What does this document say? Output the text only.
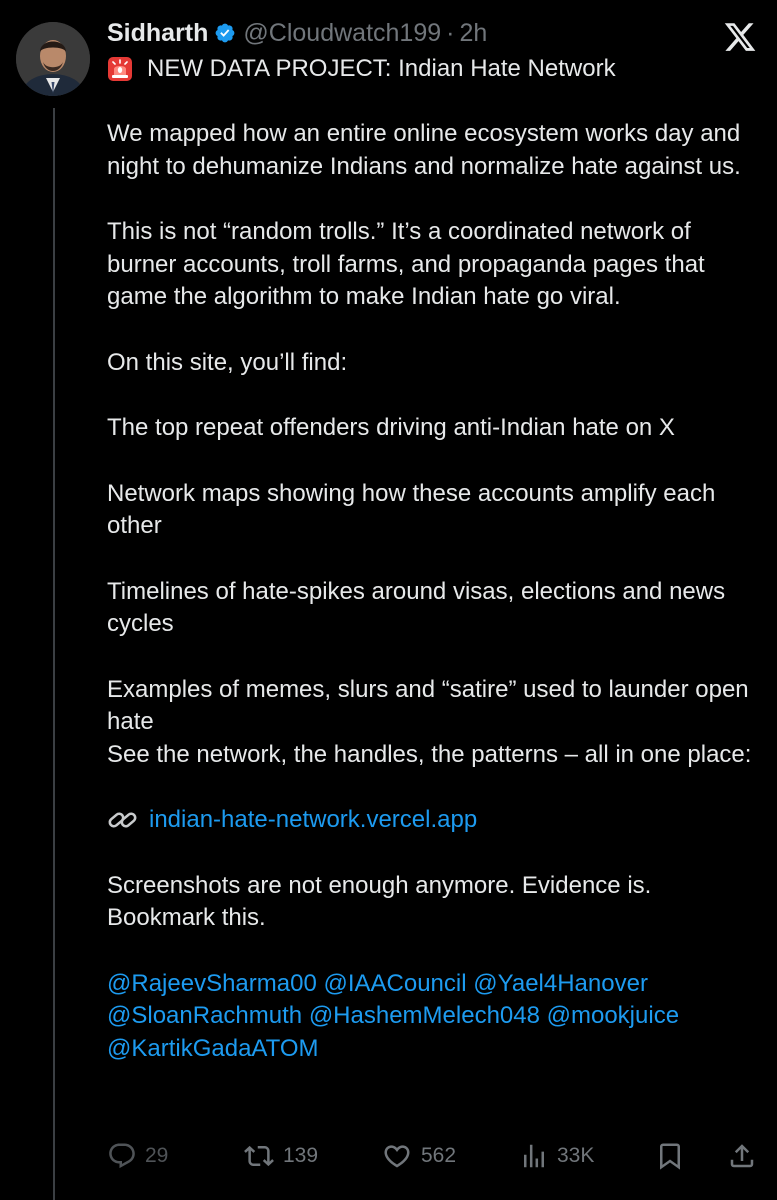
Sidharth @Cloudwatch199 · 2h
NEW DATA PROJECT: Indian Hate Network

We mapped how an entire online ecosystem works day and night to dehumanize Indians and normalize hate against us.

This is not “random trolls.” It’s a coordinated network of burner accounts, troll farms, and propaganda pages that game the algorithm to make Indian hate go viral.

On this site, you’ll find:

The top repeat offenders driving anti-Indian hate on X

Network maps showing how these accounts amplify each other

Timelines of hate-spikes around visas, elections and news cycles

Examples of memes, slurs and “satire” used to launder open hate

See the network, the handles, the patterns – all in one place:

indian-hate-network.vercel.app

Screenshots are not enough anymore. Evidence is. Bookmark this.

@RajeevSharma00 @IAACouncil @Yael4Hanover @SloanRachmuth @HashemMelech048 @mookjuice @KartikGadaATOM

29	139	562	33K
